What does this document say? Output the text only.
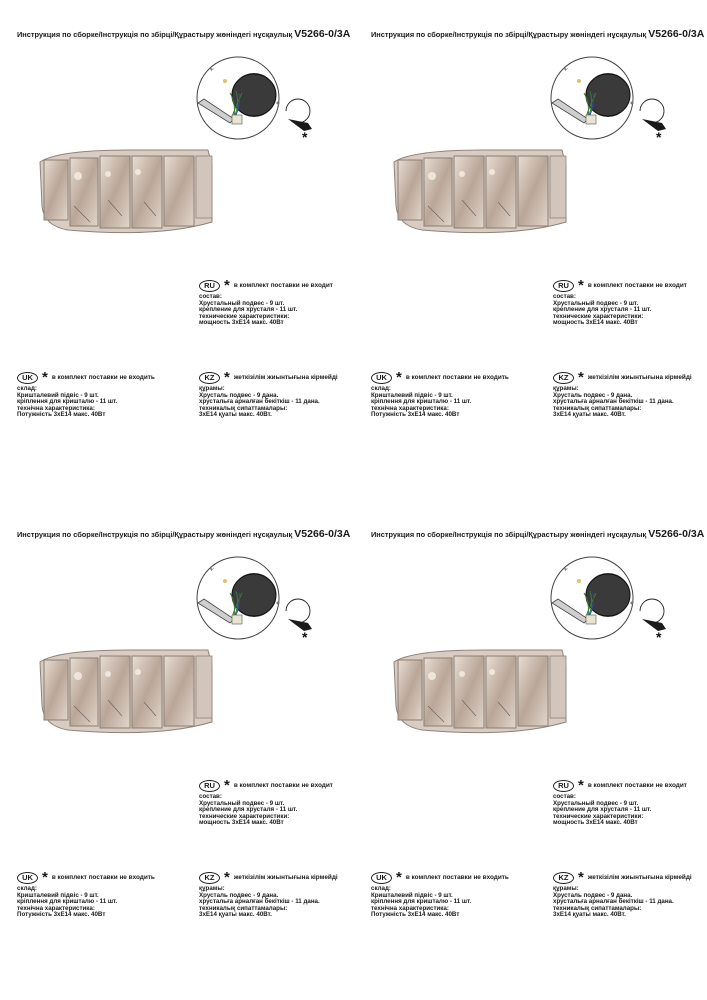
Инструкция по сборке/Інструкція по збірці/Құрастыру жөніндегі нұсқаулық V5266-0/3A
ᴪ
*
RU * в комплект поставки не входит
состав:
Хрустальный подвес - 9 шт.
крепление для хрусталя - 11 шт.
технические характеристики:
мощность 3хE14 макс. 40Вт
UK * в комплект поставки не входить
склад:
Кришталевий підвіс - 9 шт.
кріплення для кришталю - 11 шт.
технічна характеристика:
Потужність 3хE14 макс. 40Вт
KZ * жеткізілім жиынтығына кірмейді
құрамы:
Хрусталь подвес - 9 дана.
хрустальға арналған бекіткіш - 11 дана.
техникалық сипаттамалары:
3хE14 қуаты макс. 40Вт.
Инструкция по сборке/Інструкція по збірці/Құрастыру жөніндегі нұсқаулық V5266-0/3A
ᴪ
*
RU * в комплект поставки не входит
состав:
Хрустальный подвес - 9 шт.
крепление для хрусталя - 11 шт.
технические характеристики:
мощность 3хE14 макс. 40Вт
UK * в комплект поставки не входить
склад:
Кришталевий підвіс - 9 шт.
кріплення для кришталю - 11 шт.
технічна характеристика:
Потужність 3хE14 макс. 40Вт
KZ * жеткізілім жиынтығына кірмейді
құрамы:
Хрусталь подвес - 9 дана.
хрустальға арналған бекіткіш - 11 дана.
техникалық сипаттамалары:
3хE14 қуаты макс. 40Вт.
Инструкция по сборке/Інструкція по збірці/Құрастыру жөніндегі нұсқаулық V5266-0/3A
ᴪ
*
RU * в комплект поставки не входит
состав:
Хрустальный подвес - 9 шт.
крепление для хрусталя - 11 шт.
технические характеристики:
мощность 3хE14 макс. 40Вт
UK * в комплект поставки не входить
склад:
Кришталевий підвіс - 9 шт.
кріплення для кришталю - 11 шт.
технічна характеристика:
Потужність 3хE14 макс. 40Вт
KZ * жеткізілім жиынтығына кірмейді
құрамы:
Хрусталь подвес - 9 дана.
хрустальға арналған бекіткіш - 11 дана.
техникалық сипаттамалары:
3хE14 қуаты макс. 40Вт.
Инструкция по сборке/Інструкція по збірці/Құрастыру жөніндегі нұсқаулық V5266-0/3A
ᴪ
*
RU * в комплект поставки не входит
состав:
Хрустальный подвес - 9 шт.
крепление для хрусталя - 11 шт.
технические характеристики:
мощность 3хE14 макс. 40Вт
UK * в комплект поставки не входить
склад:
Кришталевий підвіс - 9 шт.
кріплення для кришталю - 11 шт.
технічна характеристика:
Потужність 3хE14 макс. 40Вт
KZ * жеткізілім жиынтығына кірмейді
құрамы:
Хрусталь подвес - 9 дана.
хрустальға арналған бекіткіш - 11 дана.
техникалық сипаттамалары:
3хE14 қуаты макс. 40Вт.
